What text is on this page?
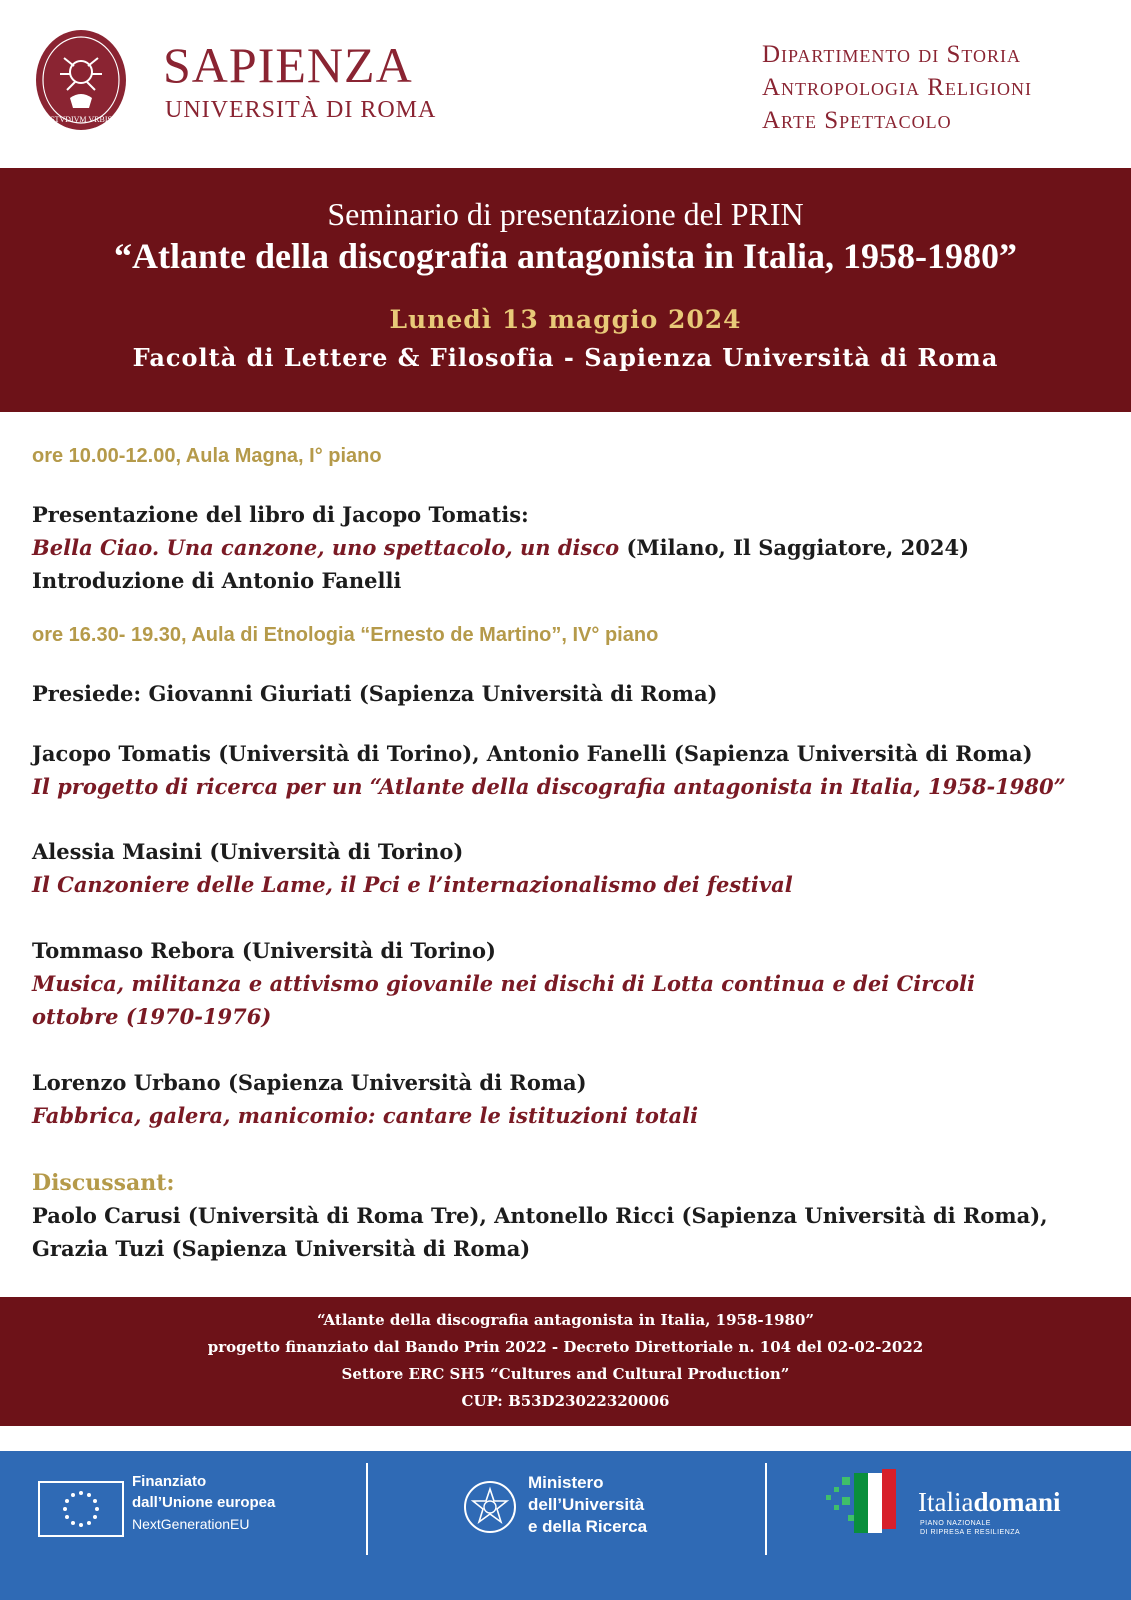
STVDIVM VRBIS
SAPIENZA
UNIVERSITÀ DI ROMA
Dipartimento di Storia
Antropologia Religioni
Arte Spettacolo
Seminario di presentazione del PRIN
“Atlante della discografia antagonista in Italia, 1958-1980”
Lunedì 13 maggio 2024
Facoltà di Lettere & Filosofia - Sapienza Università di Roma
ore 10.00-12.00, Aula Magna, I° piano
Presentazione del libro di Jacopo Tomatis:
Bella Ciao. Una canzone, uno spettacolo, un disco (Milano, Il Saggiatore, 2024)
Introduzione di Antonio Fanelli
ore 16.30- 19.30, Aula di Etnologia “Ernesto de Martino”, IV° piano
Presiede: Giovanni Giuriati (Sapienza Università di Roma)
Jacopo Tomatis (Università di Torino), Antonio Fanelli (Sapienza Università di Roma)
Il progetto di ricerca per un “Atlante della discografia antagonista in Italia, 1958-1980”
Alessia Masini (Università di Torino)
Il Canzoniere delle Lame, il Pci e l’internazionalismo dei festival
Tommaso Rebora (Università di Torino)
Musica, militanza e attivismo giovanile nei dischi di Lotta continua e dei Circoli
ottobre (1970-1976)
Lorenzo Urbano (Sapienza Università di Roma)
Fabbrica, galera, manicomio: cantare le istituzioni totali
Discussant:
Paolo Carusi (Università di Roma Tre), Antonello Ricci (Sapienza Università di Roma),
Grazia Tuzi (Sapienza Università di Roma)
“Atlante della discografia antagonista in Italia, 1958-1980”
progetto finanziato dal Bando Prin 2022 - Decreto Direttoriale n. 104 del 02-02-2022
Settore ERC SH5 “Cultures and Cultural Production”
CUP: B53D23022320006
Finanziato
dall’Unione europea
NextGenerationEU
Ministero
dell’Università
e della Ricerca
Italiadomani
PIANO NAZIONALE
DI RIPRESA E RESILIENZA
